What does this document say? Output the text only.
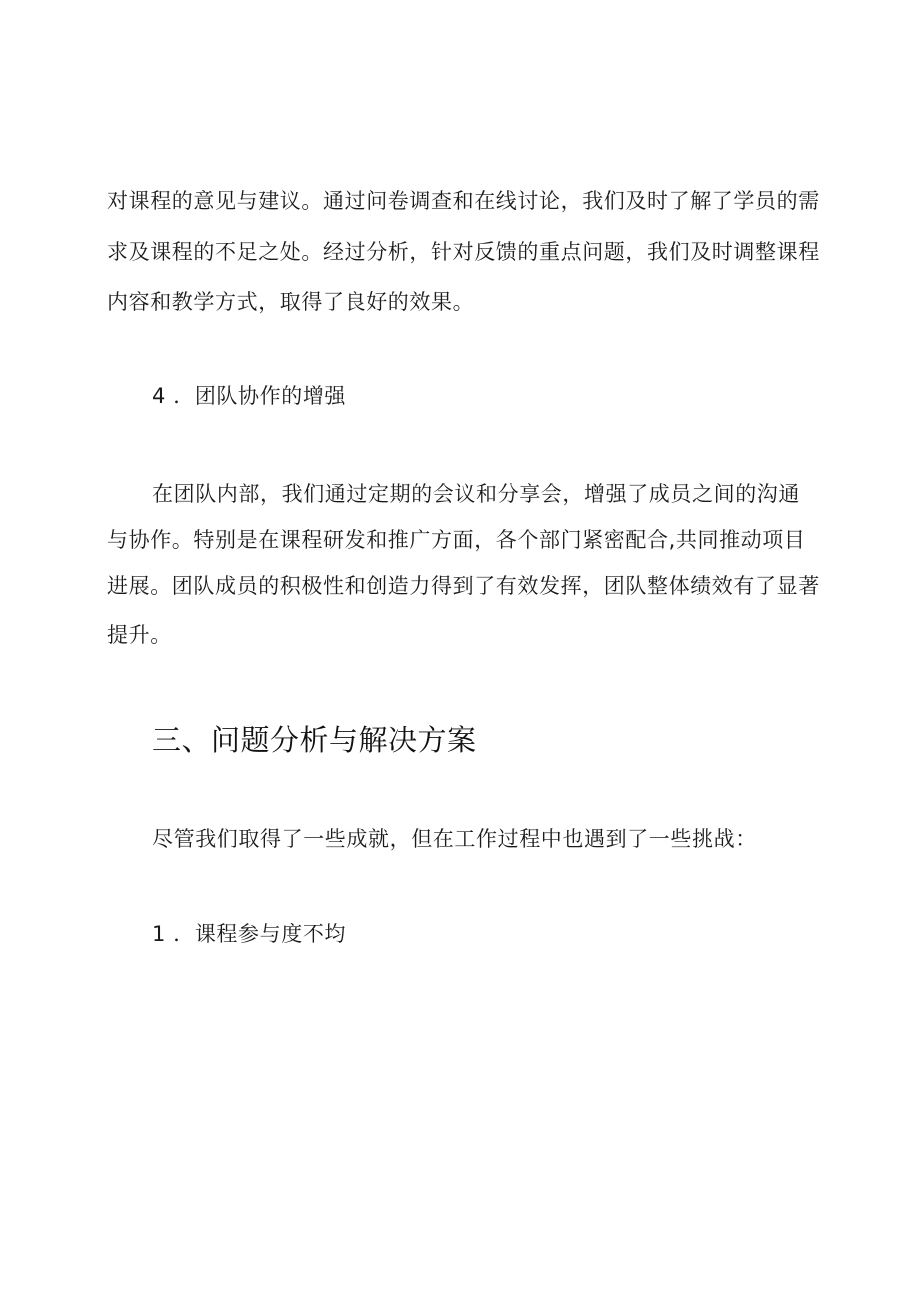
对课程的意见与建议。通过问卷调查和在线讨论，我们及时了解了学员的需
求及课程的不足之处。经过分析，针对反馈的重点问题，我们及时调整课程
内容和教学方式，取得了良好的效果。
4 ．团队协作的增强
在团队内部，我们通过定期的会议和分享会，增强了成员之间的沟通
与协作。特别是在课程研发和推广方面，各个部门紧密配合,共同推动项目
进展。团队成员的积极性和创造力得到了有效发挥，团队整体绩效有了显著
提升。
三、问题分析与解决方案
尽管我们取得了一些成就，但在工作过程中也遇到了一些挑战：
1 ．课程参与度不均
